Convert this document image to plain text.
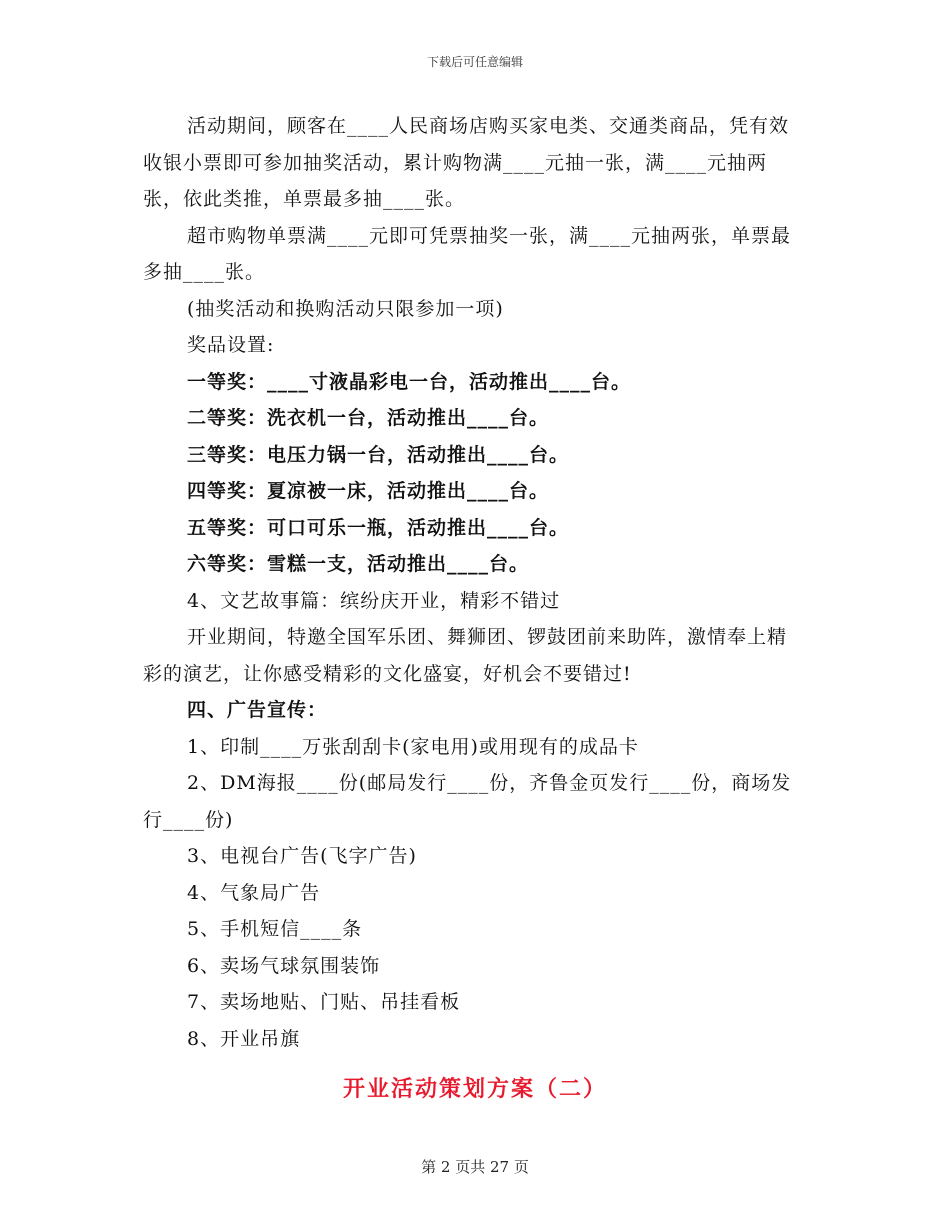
下载后可任意编辑

活动期间，顾客在____人民商场店购买家电类、交通类商品，凭有效收银小票即可参加抽奖活动，累计购物满____元抽一张，满____元抽两张，依此类推，单票最多抽____张。

超市购物单票满____元即可凭票抽奖一张，满____元抽两张，单票最多抽____张。

(抽奖活动和换购活动只限参加一项)

奖品设置:

一等奖：____寸液晶彩电一台，活动推出____台。

二等奖：洗衣机一台，活动推出____台。

三等奖：电压力锅一台，活动推出____台。

四等奖：夏凉被一床，活动推出____台。

五等奖：可口可乐一瓶，活动推出____台。

六等奖：雪糕一支，活动推出____台。

4、文艺故事篇：缤纷庆开业，精彩不错过

开业期间，特邀全国军乐团、舞狮团、锣鼓团前来助阵，激情奉上精彩的演艺，让你感受精彩的文化盛宴，好机会不要错过!

四、广告宣传：

1、印制____万张刮刮卡(家电用)或用现有的成品卡

2、DM海报____份(邮局发行____份，齐鲁金页发行____份，商场发行____份)

3、电视台广告(飞字广告)

4、气象局广告

5、手机短信____条

6、卖场气球氛围装饰

7、卖场地贴、门贴、吊挂看板

8、开业吊旗

开业活动策划方案（二）
第 2 页共 27 页
